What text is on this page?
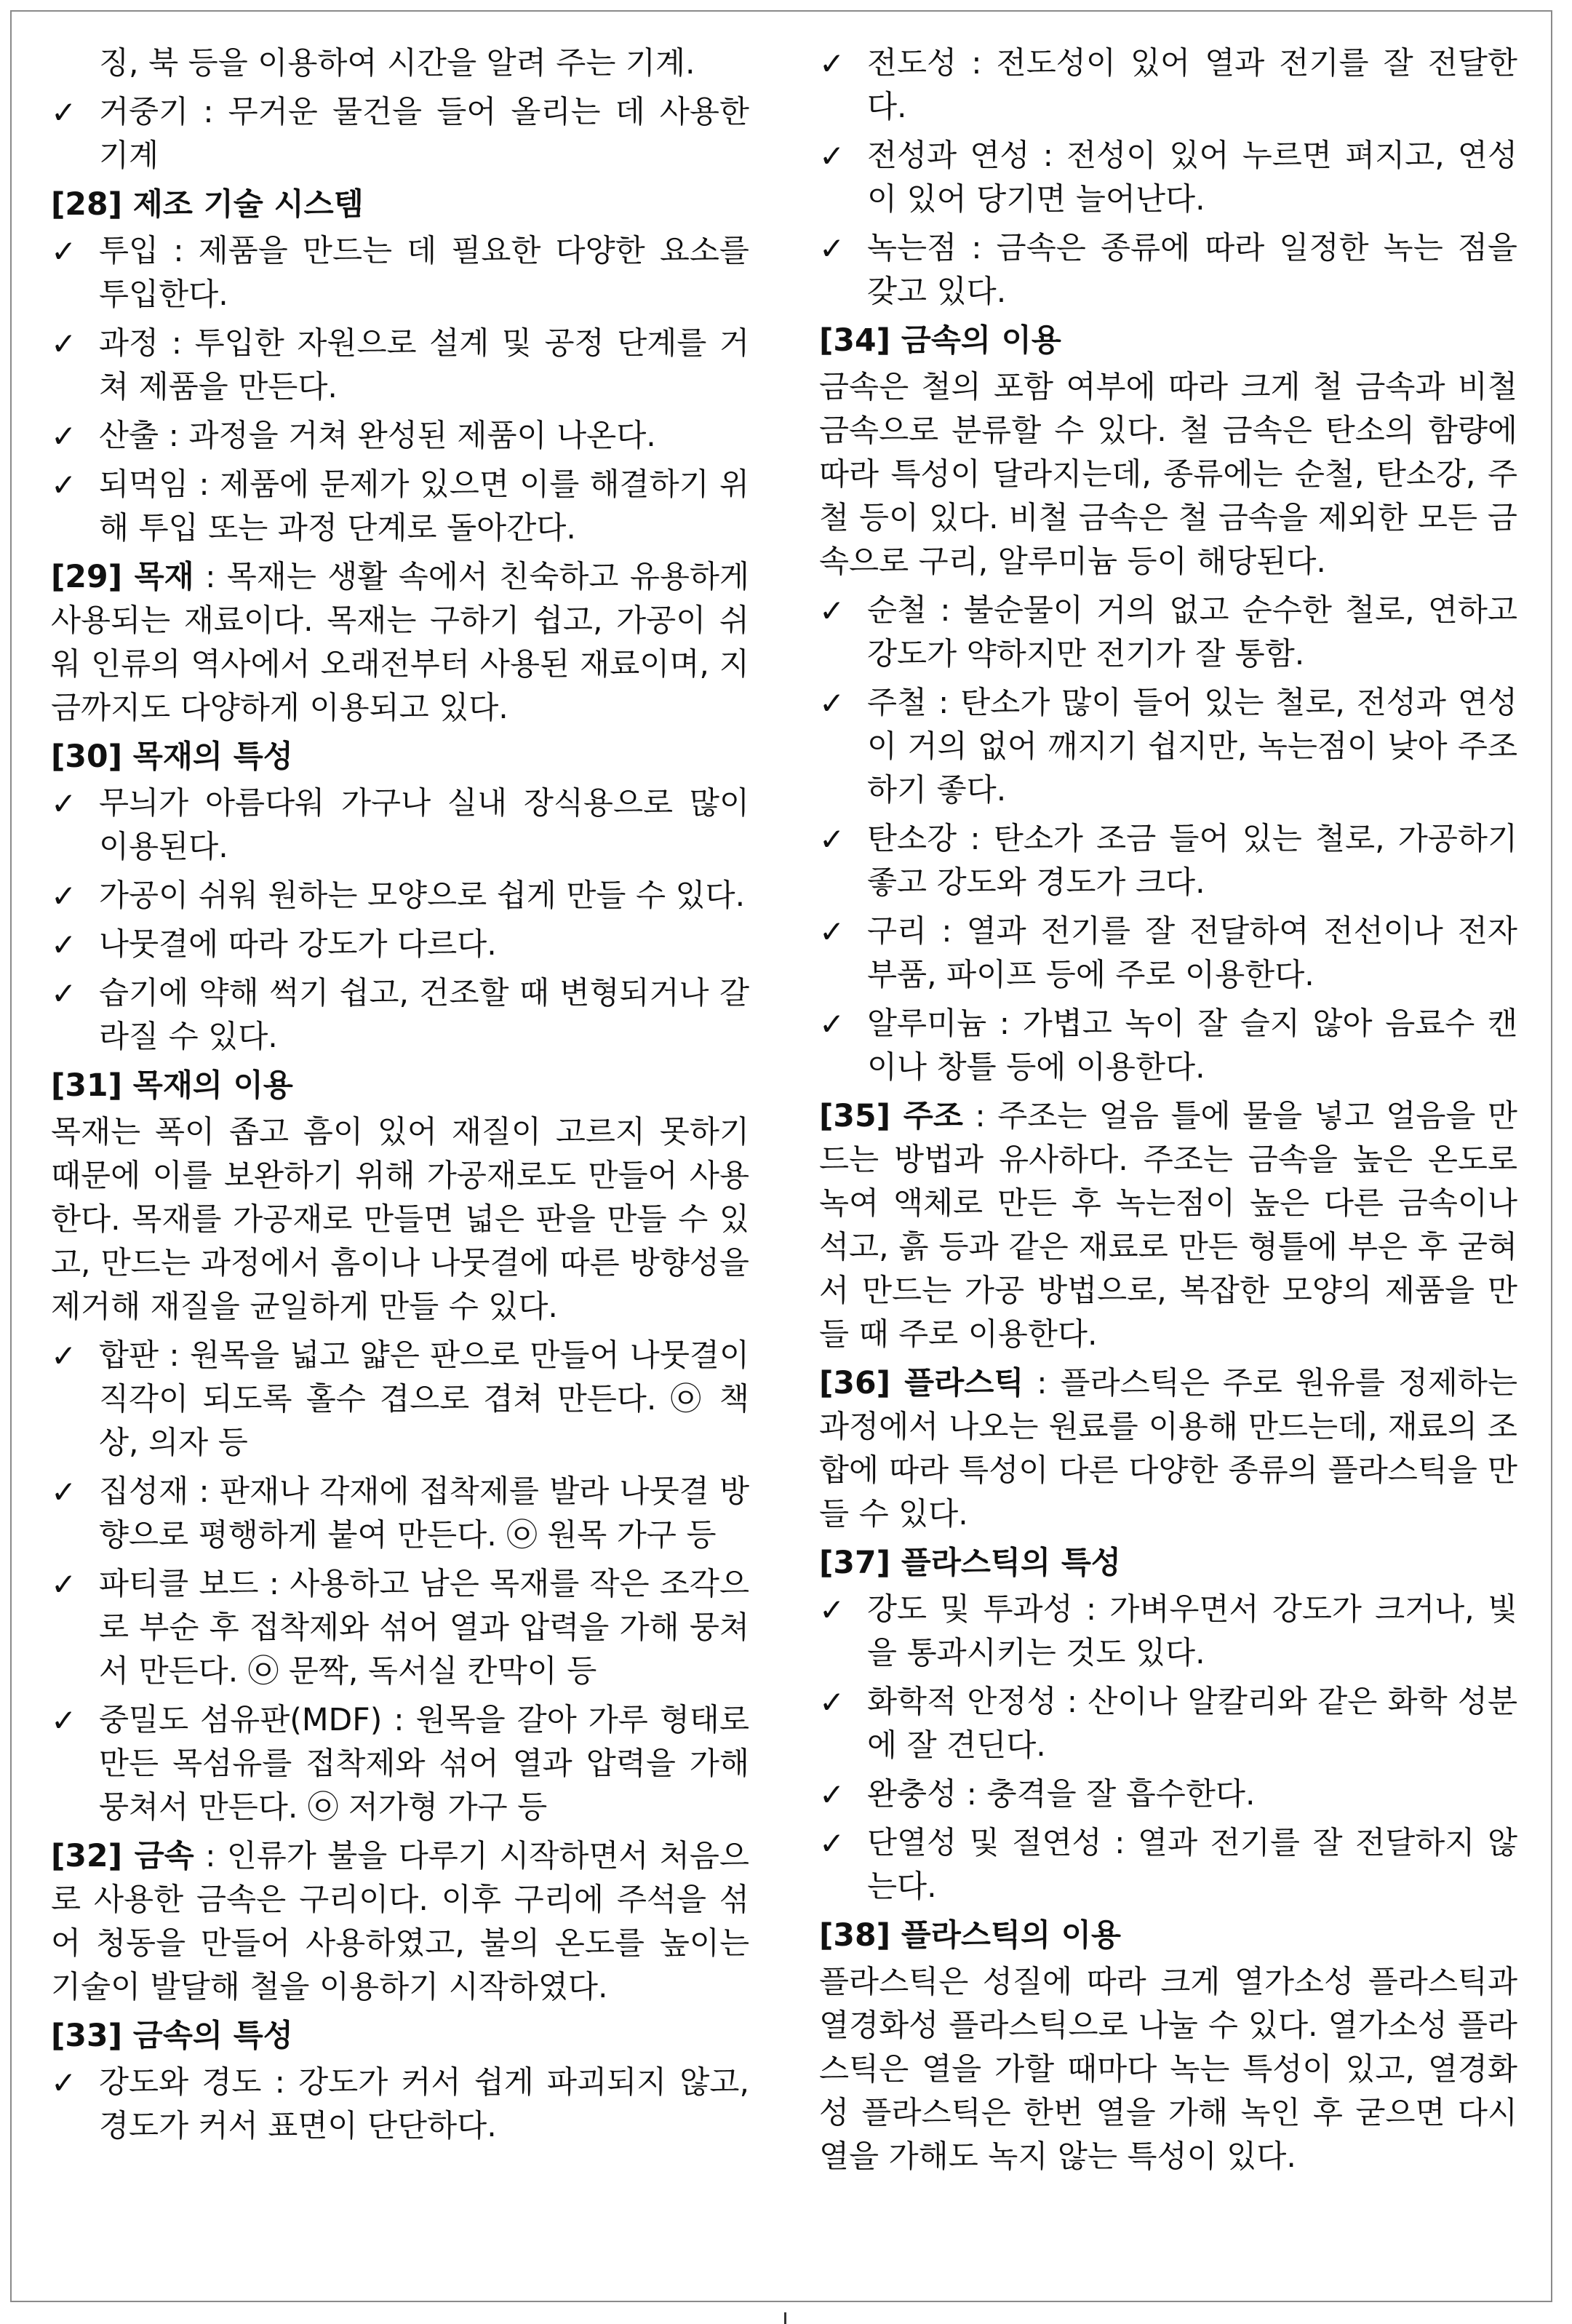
징, 북 등을 이용하여 시간을 알려 주는 기계.
✓ 거중기 : 무거운 물건을 들어 올리는 데 사용한 기계
[28] 제조 기술 시스템
✓ 투입 : 제품을 만드는 데 필요한 다양한 요소를 투입한다.
✓ 과정 : 투입한 자원으로 설계 및 공정 단계를 거쳐 제품을 만든다.
✓ 산출 : 과정을 거쳐 완성된 제품이 나온다.
✓ 되먹임 : 제품에 문제가 있으면 이를 해결하기 위해 투입 또는 과정 단계로 돌아간다.
[29] 목재 : 목재는 생활 속에서 친숙하고 유용하게 사용되는 재료이다. 목재는 구하기 쉽고, 가공이 쉬워 인류의 역사에서 오래전부터 사용된 재료이며, 지금까지도 다양하게 이용되고 있다.
[30] 목재의 특성
✓ 무늬가 아름다워 가구나 실내 장식용으로 많이 이용된다.
✓ 가공이 쉬워 원하는 모양으로 쉽게 만들 수 있다.
✓ 나뭇결에 따라 강도가 다르다.
✓ 습기에 약해 썩기 쉽고, 건조할 때 변형되거나 갈라질 수 있다.
[31] 목재의 이용
목재는 폭이 좁고 흠이 있어 재질이 고르지 못하기 때문에 이를 보완하기 위해 가공재로도 만들어 사용한다. 목재를 가공재로 만들면 넓은 판을 만들 수 있고, 만드는 과정에서 흠이나 나뭇결에 따른 방향성을 제거해 재질을 균일하게 만들 수 있다.
✓ 합판 : 원목을 넓고 얇은 판으로 만들어 나뭇결이 직각이 되도록 홀수 겹으로 겹쳐 만든다. ㉧ 책상, 의자 등
✓ 집성재 : 판재나 각재에 접착제를 발라 나뭇결 방향으로 평행하게 붙여 만든다. ㉧ 원목 가구 등
✓ 파티클 보드 : 사용하고 남은 목재를 작은 조각으로 부순 후 접착제와 섞어 열과 압력을 가해 뭉쳐서 만든다. ㉧ 문짝, 독서실 칸막이 등
✓ 중밀도 섬유판(MDF) : 원목을 갈아 가루 형태로 만든 목섬유를 접착제와 섞어 열과 압력을 가해 뭉쳐서 만든다. ㉧ 저가형 가구 등
[32] 금속 : 인류가 불을 다루기 시작하면서 처음으로 사용한 금속은 구리이다. 이후 구리에 주석을 섞어 청동을 만들어 사용하였고, 불의 온도를 높이는 기술이 발달해 철을 이용하기 시작하였다.
[33] 금속의 특성
✓ 강도와 경도 : 강도가 커서 쉽게 파괴되지 않고, 경도가 커서 표면이 단단하다.
✓ 전도성 : 전도성이 있어 열과 전기를 잘 전달한다.
✓ 전성과 연성 : 전성이 있어 누르면 펴지고, 연성이 있어 당기면 늘어난다.
✓ 녹는점 : 금속은 종류에 따라 일정한 녹는 점을 갖고 있다.
[34] 금속의 이용
금속은 철의 포함 여부에 따라 크게 철 금속과 비철 금속으로 분류할 수 있다. 철 금속은 탄소의 함량에 따라 특성이 달라지는데, 종류에는 순철, 탄소강, 주철 등이 있다. 비철 금속은 철 금속을 제외한 모든 금속으로 구리, 알루미늄 등이 해당된다.
✓ 순철 : 불순물이 거의 없고 순수한 철로, 연하고 강도가 약하지만 전기가 잘 통함.
✓ 주철 : 탄소가 많이 들어 있는 철로, 전성과 연성이 거의 없어 깨지기 쉽지만, 녹는점이 낮아 주조하기 좋다.
✓ 탄소강 : 탄소가 조금 들어 있는 철로, 가공하기 좋고 강도와 경도가 크다.
✓ 구리 : 열과 전기를 잘 전달하여 전선이나 전자 부품, 파이프 등에 주로 이용한다.
✓ 알루미늄 : 가볍고 녹이 잘 슬지 않아 음료수 캔이나 창틀 등에 이용한다.
[35] 주조 : 주조는 얼음 틀에 물을 넣고 얼음을 만드는 방법과 유사하다. 주조는 금속을 높은 온도로 녹여 액체로 만든 후 녹는점이 높은 다른 금속이나 석고, 흙 등과 같은 재료로 만든 형틀에 부은 후 굳혀서 만드는 가공 방법으로, 복잡한 모양의 제품을 만들 때 주로 이용한다.
[36] 플라스틱 : 플라스틱은 주로 원유를 정제하는 과정에서 나오는 원료를 이용해 만드는데, 재료의 조합에 따라 특성이 다른 다양한 종류의 플라스틱을 만들 수 있다.
[37] 플라스틱의 특성
✓ 강도 및 투과성 : 가벼우면서 강도가 크거나, 빛을 통과시키는 것도 있다.
✓ 화학적 안정성 : 산이나 알칼리와 같은 화학 성분에 잘 견딘다.
✓ 완충성 : 충격을 잘 흡수한다.
✓ 단열성 및 절연성 : 열과 전기를 잘 전달하지 않는다.
[38] 플라스틱의 이용
플라스틱은 성질에 따라 크게 열가소성 플라스틱과 열경화성 플라스틱으로 나눌 수 있다. 열가소성 플라스틱은 열을 가할 때마다 녹는 특성이 있고, 열경화성 플라스틱은 한번 열을 가해 녹인 후 굳으면 다시 열을 가해도 녹지 않는 특성이 있다.
